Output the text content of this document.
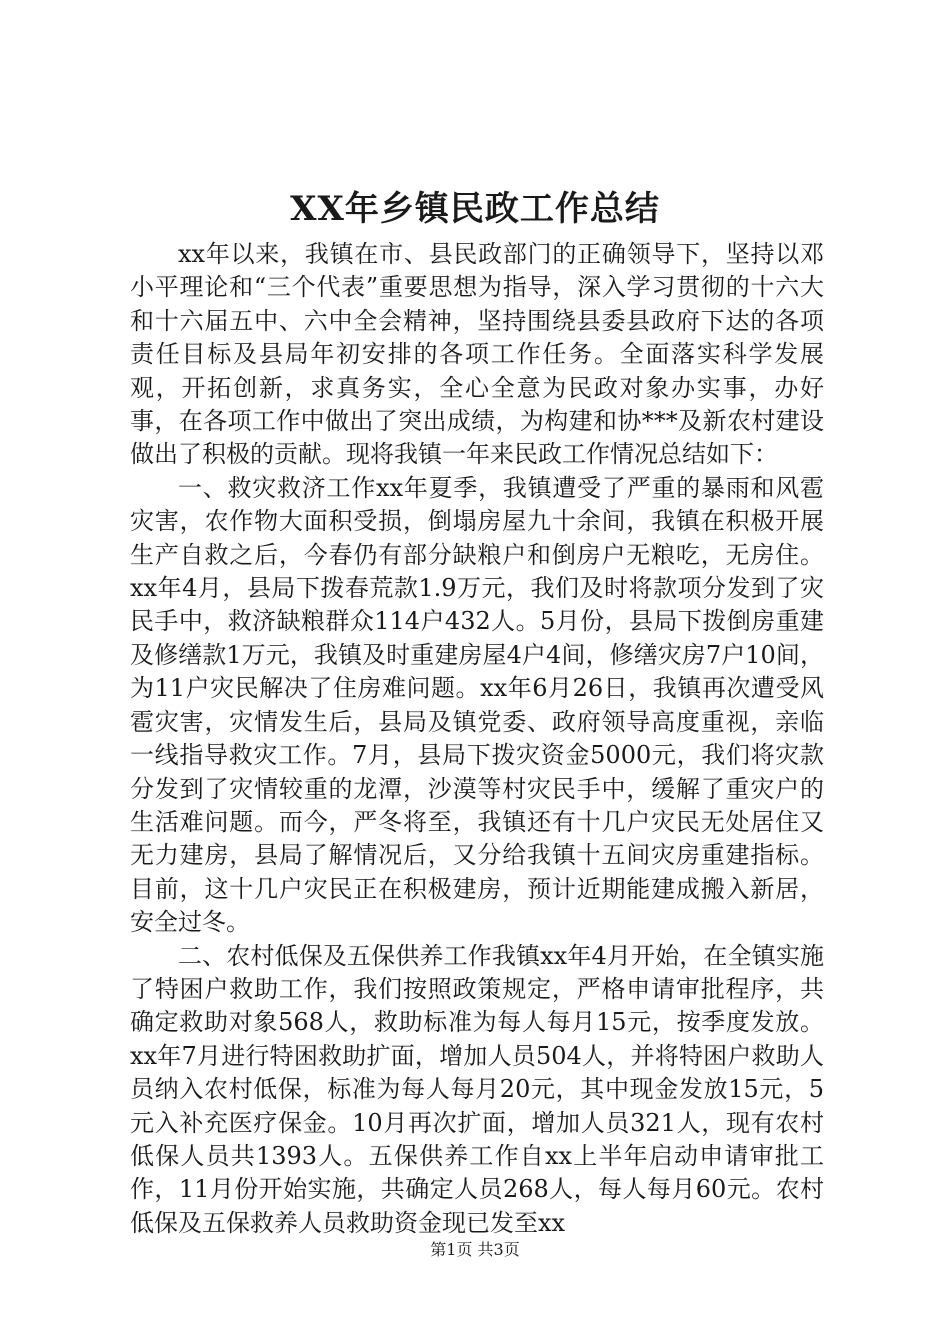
XX年乡镇民政工作总结

xx年以来，我镇在市、县民政部门的正确领导下，坚持以邓小平理论和“三个代表”重要思想为指导，深入学习贯彻的十六大和十六届五中、六中全会精神，坚持围绕县委县政府下达的各项责任目标及县局年初安排的各项工作任务。全面落实科学发展观，开拓创新，求真务实，全心全意为民政对象办实事，办好事，在各项工作中做出了突出成绩，为构建和协***及新农村建设做出了积极的贡献。现将我镇一年来民政工作情况总结如下：

一、救灾救济工作xx年夏季，我镇遭受了严重的暴雨和风雹灾害，农作物大面积受损，倒塌房屋九十余间，我镇在积极开展生产自救之后，今春仍有部分缺粮户和倒房户无粮吃，无房住。xx年4月，县局下拨春荒款1.9万元，我们及时将款项分发到了灾民手中，救济缺粮群众114户432人。5月份，县局下拨倒房重建及修缮款1万元，我镇及时重建房屋4户4间，修缮灾房7户10间，为11户灾民解决了住房难问题。xx年6月26日，我镇再次遭受风雹灾害，灾情发生后，县局及镇党委、政府领导高度重视，亲临一线指导救灾工作。7月，县局下拨灾资金5000元，我们将灾款分发到了灾情较重的龙潭，沙漠等村灾民手中，缓解了重灾户的生活难问题。而今，严冬将至，我镇还有十几户灾民无处居住又无力建房，县局了解情况后，又分给我镇十五间灾房重建指标。目前，这十几户灾民正在积极建房，预计近期能建成搬入新居，安全过冬。

二、农村低保及五保供养工作我镇xx年4月开始，在全镇实施了特困户救助工作，我们按照政策规定，严格申请审批程序，共确定救助对象568人，救助标准为每人每月15元，按季度发放。xx年7月进行特困救助扩面，增加人员504人，并将特困户救助人员纳入农村低保，标准为每人每月20元，其中现金发放15元，5元入补充医疗保金。10月再次扩面，增加人员321人，现有农村低保人员共1393人。五保供养工作自xx上半年启动申请审批工作，11月份开始实施，共确定人员268人，每人每月60元。农村低保及五保救养人员救助资金现已发至xx

第1页 共3页
